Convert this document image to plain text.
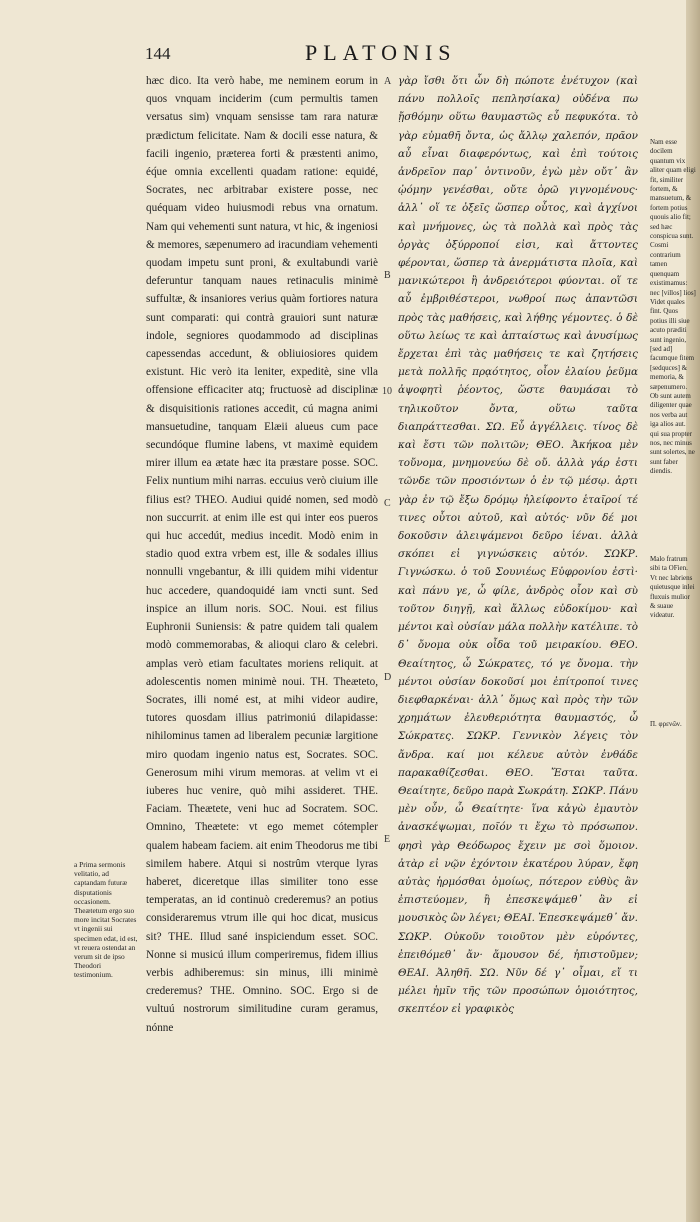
144	PLATONIS

hæc dico. Ita verò habe, me neminem eorum in quos vnquam inciderim (cum permultis tamen versatus sim) vnquam sensisse tam rara naturæ prædictum felicitate. Nam & docili esse natura, & facili ingenio, præterea forti & præstenti animo, éq́ue omnia excellenti quadam ratione: equidé, Socrates, nec arbitrabar existere posse, nec quéquam video huiusmodi rebus vna ornatum. Nam qui vehementi sunt natura, vt hic, & ingeniosi & memores, sæpenumero ad iracundiam vehementi quodam impetu sunt proni, & exultabundi variè deferuntur tanquam naues retinaculis minimè suffultæ, & insaniores verius quàm fortiores natura sunt comparati: qui contrà grauiori sunt naturæ indole, segniores quodammodo ad disciplinas capessendas accedunt, & obliuiosiores quidem existunt. Hic verò ita leniter, expeditè, sine vlla offensione efficaciter atq; fructuosè ad disciplinæ & disquisitionis rationes accedit, cú magna animi mansuetudine, tanquam Elæii alueus cum pace secundóque flumine labens, vt maximè equidem mirer illum ea ætate hæc ita præstare posse. SOC. Felix nuntium mihi narras. eccuius verò ciuium ille filius est? THEO. Audiui quidé nomen, sed modò non succurrit. at enim ille est qui inter eos pueros qui huc accedút, medius incedit. Modò enim in stadio quod extra vrbem est, ille & sodales illius nonnulli vngebantur, & illi quidem mihi videntur huc accedere, quandoquidé iam vncti sunt. Sed inspice an illum noris. SOC. Noui. est filius Euphronii Suniensis: & patre quidem tali qualem modò commemorabas, & alioqui claro & celebri. amplas verò etiam facultates moriens reliquit. at adolescentis nomen minimè noui. TH. Theætetо, Socrates, illi nomé est, at mihi videor audire, tutores quosdam illius patrimoniú dilapidasse: nihilominus tamen ad liberalem pecuniæ largitione miro quodam ingenio natus est, Socrates. SOC. Generosum mihi virum memoras. at velim vt ei iuberes huc venire, quò mihi assideret. THE. Faciam. Theætete, veni huc ad Socratem. SOC. Omnino, Theætete: vt ego memet cótempler qualem habeam faciem. ait enim Theodorus me tibi similem habere. Atqui si nostrûm vterque lyras haberet, diceretque illas similiter tono esse temperatas, an id continuò crederemus? an potius consideraremus vtrum ille qui hoc dicat, musicus sit? THE. Illud sané inspiciendum esset. SOC. Nonne si musicú illum comperiremus, fidem illius verbis adhiberemus: sin minus, illi minimè crederemus? THE. Omnino. SOC. Ergo si de vultuú nostrorum similitudine curam geramus, nónne

A
B
10
C
D
E

γὰρ ἴσθι ὅτι ὧν δὴ πώποτε ἐνέτυχον (καὶ πάνυ πολλοῖς πεπλησίακα) οὐδένα πω ᾔσθόμην οὕτω θαυμαστῶς εὖ πεφυκότα. τὸ γὰρ εὐμαθῆ ὄντα, ὡς ἄλλῳ χαλεπόν, πρᾶον αὖ εἶναι διαφερόντως, καὶ ἐπὶ τούτοις ἀνδρεῖον παρ᾽ ὁντινοῦν, ἐγὼ μὲν οὔτ᾽ ἂν ᾠόμην γενέσθαι, οὔτε ὁρῶ γιγνομένους· ἀλλ᾽ οἵ τε ὀξεῖς ὥσπερ οὗτος, καὶ ἀγχίνοι καὶ μνήμονες, ὡς τὰ πολλὰ καὶ πρὸς τὰς ὀργὰς ὀξύρροποί εἰσι, καὶ ἄττοντες φέρονται, ὥσπερ τὰ ἀνερμάτιστα πλοῖα, καὶ μανικώτεροι ἢ ἀνδρειότεροι φύονται. οἵ τε αὖ ἐμβριθέστεροι, νωθροί πως ἀπαντῶσι πρὸς τὰς μαθήσεις, καὶ λήθης γέμοντες. ὁ δὲ οὕτω λείως τε καὶ ἀπταίστως καὶ ἀνυσίμως ἔρχεται ἐπὶ τὰς μαθήσεις τε καὶ ζητήσεις μετὰ πολλῆς πρᾳότητος, οἷον ἐλαίου ῥεῦμα ἀψοφητὶ ῥέοντος, ὥστε θαυμάσαι τὸ τηλικοῦτον ὄντα, οὕτω ταῦτα διαπράττεσθαι. ΣΩ. Εὖ ἀγγέλλεις. τίνος δὲ καὶ ἔστι τῶν πολιτῶν; ΘΕΟ. Ἀκήκοα μὲν τοὔνομα, μνημονεύω δὲ οὔ. ἀλλὰ γάρ ἐστι τῶνδε τῶν προσιόντων ὁ ἐν τῷ μέσῳ. ἀρτι γὰρ ἐν τῷ ἔξω δρόμῳ ἠλείφοντο ἑταῖροί τέ τινες οὗτοι αὐτοῦ, καὶ αὐτός· νῦν δέ μοι δοκοῦσιν ἀλειψάμενοι δεῦρο ἰέναι. ἀλλὰ σκόπει εἰ γιγνώσκεις αὐτόν. ΣΩΚΡ. Γιγνώσκω. ὁ τοῦ Σουνιέως Εὐφρονίου ἐστὶ· καὶ πάνυ γε, ὦ φίλε, ἀνδρὸς οἷον καὶ σὺ τοῦτον διηγῇ, καὶ ἄλλως εὐδοκίμου· καὶ μέντοι καὶ οὐσίαν μάλα πολλὴν κατέλιπε. τὸ δ᾽ ὄνομα οὐκ οἶδα τοῦ μειρακίου. ΘΕΟ. Θεαίτητος, ὦ Σώκρατες, τό γε ὄνομα. τὴν μέντοι οὐσίαν δοκοῦσί μοι ἐπίτροποί τινες διεφθαρκέναι· ἀλλ᾽ ὅμως καὶ πρὸς τὴν τῶν χρημάτων ἐλευθεριότητα θαυμαστός, ὦ Σώκρατες. ΣΩΚΡ. Γεννικὸν λέγεις τὸν ἄνδρα. καί μοι κέλευε αὐτὸν ἐνθάδε παρακαθίζεσθαι. ΘΕΟ. Ἔσται ταῦτα. Θεαίτητε, δεῦρο παρὰ Σωκράτη. ΣΩΚΡ. Πάνυ μὲν οὖν, ὦ Θεαίτητε· ἵνα κἀγὼ ἐμαυτὸν ἀνασκέψωμαι, ποῖόν τι ἔχω τὸ πρόσωπον. φησὶ γὰρ Θεόδωρος ἔχειν με σοὶ ὅμοιον. ἀτὰρ εἰ νῷν ἐχόντοιν ἑκατέρου λύραν, ἔφη αὐτὰς ἡρμόσθαι ὁμοίως, πότερον εὐθὺς ἂν ἐπιστεύομεν, ἢ ἐπεσκεψάμεθ᾽ ἂν εἰ μουσικὸς ὢν λέγει; ΘΕΑΙ. Ἐπεσκεψάμεθ᾽ ἄν. ΣΩΚΡ. Οὐκοῦν τοιοῦτον μὲν εὑρόντες, ἐπειθόμεθ᾽ ἄν· ἄμουσον δέ, ἠπιστοῦμεν; ΘΕΑΙ. Ἀληθῆ. ΣΩ. Νῦν δέ γ᾽ οἶμαι, εἴ τι μέλει ἡμῖν τῆς τῶν προσώπων ὁμοιότητος, σκεπτέον εἰ γραφικὸς

a Prima sermonis velitatio, ad captandam futuræ disputationis occasionem. Theætetum ergo suo more incitat Socrates vt ingenii sui specimen edat, id est, vt reuera ostendat an verum sit de ipso Theodori testimonium.
Nam esse docilem quantum vix aliter quam eligi fit, similiter fortem, & mansuetum, & fortem potius quouis alio fit; sed hæc conspicua sunt. Cosmi contrarium tamen quenquam existimamus: nec [villos] lios] Videt quales fint. Quos potius illi siue acuto præditi sunt ingenio, [sed ad] facumque fitem [sedquces] & memoria, & sæpenumero. Ob sunt autem diligenter quae nos verba aut iga alios aut. qui sua propter nos, nec minus sunt solertes, ne sunt faber diendis.
Malo fratrum sibi ta OFien. Vt nec labriens quietusque inlei fluxuis mulior & suaue videatur.
Π. φρενῶν.
